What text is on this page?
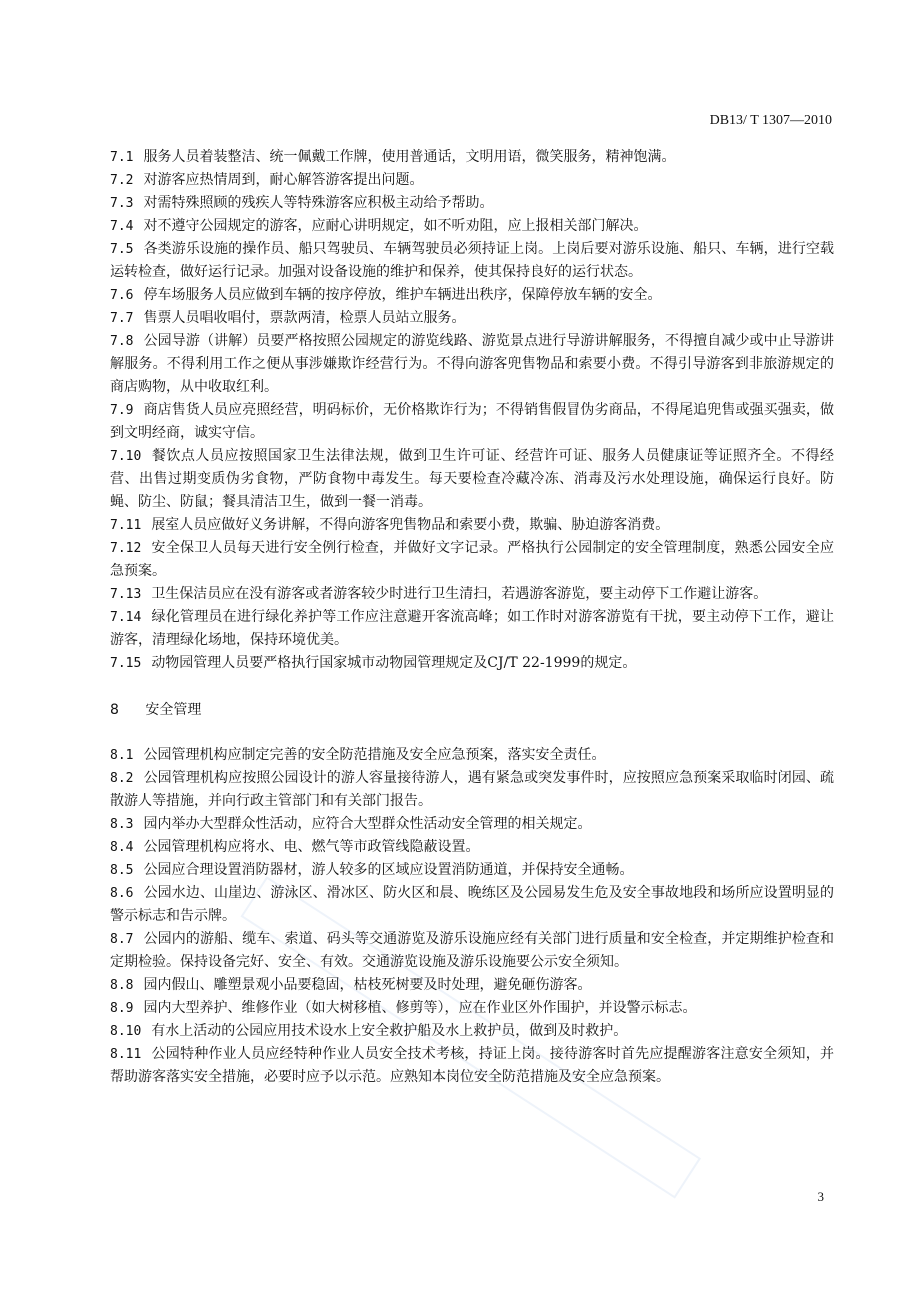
DB13/ T 1307—2010

7.1 服务人员着装整洁、统一佩戴工作牌，使用普通话，文明用语，微笑服务，精神饱满。

7.2 对游客应热情周到，耐心解答游客提出问题。

7.3 对需特殊照顾的残疾人等特殊游客应积极主动给予帮助。

7.4 对不遵守公园规定的游客，应耐心讲明规定，如不听劝阻，应上报相关部门解决。

7.5 各类游乐设施的操作员、船只驾驶员、车辆驾驶员必须持证上岗。上岗后要对游乐设施、船只、车辆，进行空载运转检查，做好运行记录。加强对设备设施的维护和保养，使其保持良好的运行状态。

7.6 停车场服务人员应做到车辆的按序停放，维护车辆进出秩序，保障停放车辆的安全。

7.7 售票人员唱收唱付，票款两清，检票人员站立服务。

7.8 公园导游（讲解）员要严格按照公园规定的游览线路、游览景点进行导游讲解服务，不得擅自减少或中止导游讲解服务。不得利用工作之便从事涉嫌欺诈经营行为。不得向游客兜售物品和索要小费。不得引导游客到非旅游规定的商店购物，从中收取红利。

7.9 商店售货人员应亮照经营，明码标价，无价格欺诈行为；不得销售假冒伪劣商品，不得尾追兜售或强买强卖，做到文明经商，诚实守信。

7.10 餐饮点人员应按照国家卫生法律法规，做到卫生许可证、经营许可证、服务人员健康证等证照齐全。不得经营、出售过期变质伪劣食物，严防食物中毒发生。每天要检查冷藏冷冻、消毒及污水处理设施，确保运行良好。防蝇、防尘、防鼠；餐具清洁卫生，做到一餐一消毒。

7.11 展室人员应做好义务讲解，不得向游客兜售物品和索要小费，欺骗、胁迫游客消费。

7.12 安全保卫人员每天进行安全例行检查，并做好文字记录。严格执行公园制定的安全管理制度，熟悉公园安全应急预案。

7.13 卫生保洁员应在没有游客或者游客较少时进行卫生清扫，若遇游客游览，要主动停下工作避让游客。

7.14 绿化管理员在进行绿化养护等工作应注意避开客流高峰；如工作时对游客游览有干扰，要主动停下工作，避让游客，清理绿化场地，保持环境优美。

7.15 动物园管理人员要严格执行国家城市动物园管理规定及CJ/T 22-1999的规定。

8 安全管理

8.1 公园管理机构应制定完善的安全防范措施及安全应急预案，落实安全责任。

8.2 公园管理机构应按照公园设计的游人容量接待游人，遇有紧急或突发事件时，应按照应急预案采取临时闭园、疏散游人等措施，并向行政主管部门和有关部门报告。

8.3 园内举办大型群众性活动，应符合大型群众性活动安全管理的相关规定。

8.4 公园管理机构应将水、电、燃气等市政管线隐蔽设置。

8.5 公园应合理设置消防器材，游人较多的区域应设置消防通道，并保持安全通畅。

8.6 公园水边、山崖边、游泳区、滑冰区、防火区和晨、晚练区及公园易发生危及安全事故地段和场所应设置明显的警示标志和告示牌。

8.7 公园内的游船、缆车、索道、码头等交通游览及游乐设施应经有关部门进行质量和安全检查，并定期维护检查和定期检验。保持设备完好、安全、有效。交通游览设施及游乐设施要公示安全须知。

8.8 园内假山、雕塑景观小品要稳固，枯枝死树要及时处理，避免砸伤游客。

8.9 园内大型养护、维修作业（如大树移植、修剪等），应在作业区外作围护，并设警示标志。

8.10 有水上活动的公园应用技术设水上安全救护船及水上救护员，做到及时救护。

8.11 公园特种作业人员应经特种作业人员安全技术考核，持证上岗。接待游客时首先应提醒游客注意安全须知，并帮助游客落实安全措施，必要时应予以示范。应熟知本岗位安全防范措施及安全应急预案。

3
